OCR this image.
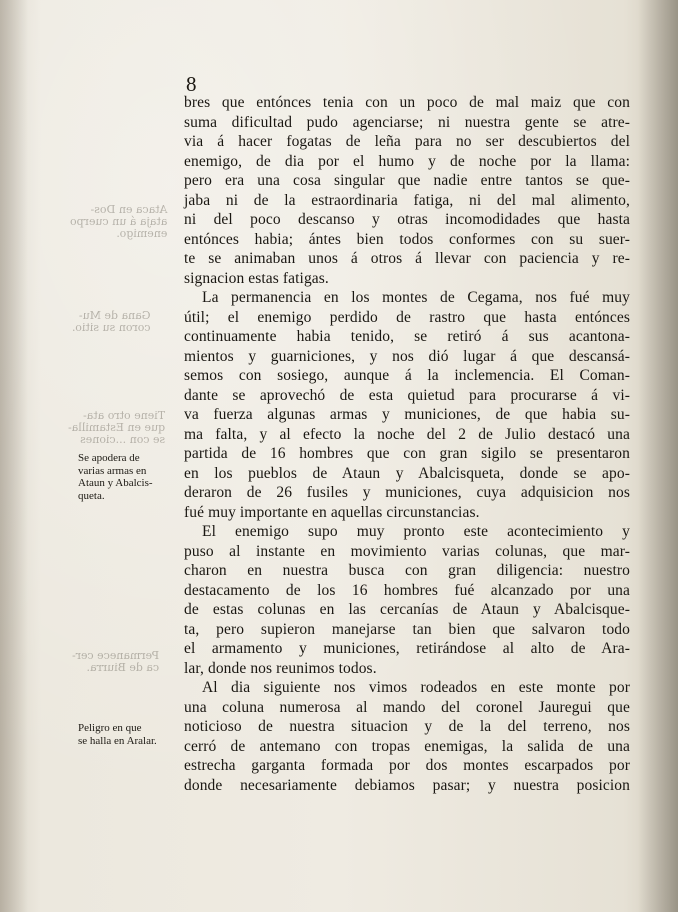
Ataca en Dos-
ataja á un cuerpo
enemigo.
Gana de Mu-
coron su sitio.
Tiene otro ata-
que en Estamilla-
se con ...ciones
Permanece cer-
ca de Biurra.
8
Se apodera de
varias armas en
Ataun y Abalcis-
queta.
Peligro en que
se halla en Aralar.
bres que entónces tenia con un poco de mal maiz que con
suma dificultad pudo agenciarse; ni nuestra gente se atre-
via á hacer fogatas de leña para no ser descubiertos del
enemigo, de dia por el humo y de noche por la llama:
pero era una cosa singular que nadie entre tantos se que-
jaba ni de la estraordinaria fatiga, ni del mal alimento,
ni del poco descanso y otras incomodidades que hasta
entónces habia; ántes bien todos conformes con su suer-
te se animaban unos á otros á llevar con paciencia y re-
signacion estas fatigas.
La permanencia en los montes de Cegama, nos fué muy
útil; el enemigo perdido de rastro que hasta entónces
continuamente habia tenido, se retiró á sus acantona-
mientos y guarniciones, y nos dió lugar á que descansá-
semos con sosiego, aunque á la inclemencia. El Coman-
dante se aprovechó de esta quietud para procurarse á vi-
va fuerza algunas armas y municiones, de que habia su-
ma falta, y al efecto la noche del 2 de Julio destacó una
partida de 16 hombres que con gran sigilo se presentaron
en los pueblos de Ataun y Abalcisqueta, donde se apo-
deraron de 26 fusiles y municiones, cuya adquisicion nos
fué muy importante en aquellas circunstancias.
El enemigo supo muy pronto este acontecimiento y
puso al instante en movimiento varias colunas, que mar-
charon en nuestra busca con gran diligencia: nuestro
destacamento de los 16 hombres fué alcanzado por una
de estas colunas en las cercanías de Ataun y Abalcisque-
ta, pero supieron manejarse tan bien que salvaron todo
el armamento y municiones, retirándose al alto de Ara-
lar, donde nos reunimos todos.
Al dia siguiente nos vimos rodeados en este monte por
una coluna numerosa al mando del coronel Jauregui que
noticioso de nuestra situacion y de la del terreno, nos
cerró de antemano con tropas enemigas, la salida de una
estrecha garganta formada por dos montes escarpados por
donde necesariamente debiamos pasar; y nuestra posicion
